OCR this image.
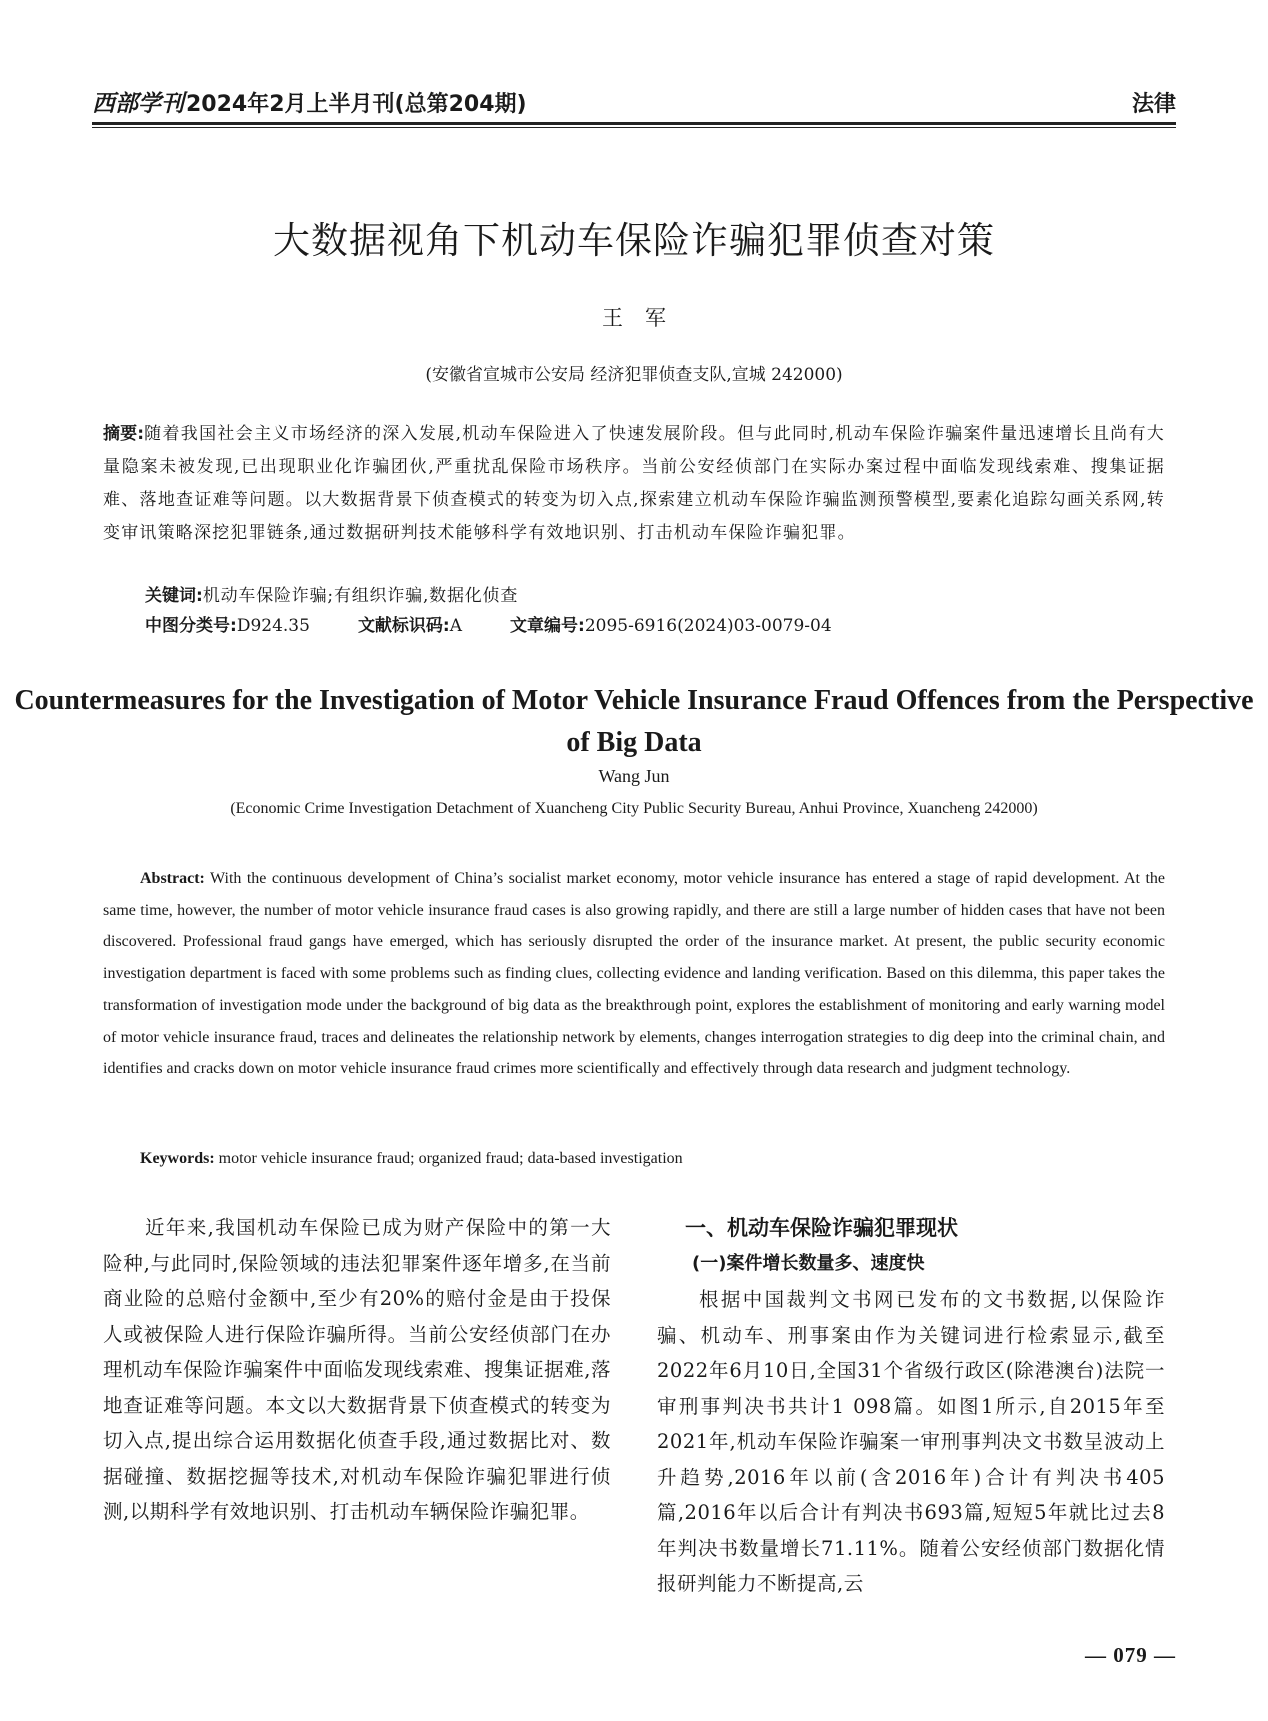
西部学刊2024年2月上半月刊(总第204期)	法律
大数据视角下机动车保险诈骗犯罪侦查对策
王军
(安徽省宣城市公安局 经济犯罪侦查支队,宣城 242000)
摘要:随着我国社会主义市场经济的深入发展,机动车保险进入了快速发展阶段。但与此同时,机动车保险诈骗案件量迅速增长且尚有大量隐案未被发现,已出现职业化诈骗团伙,严重扰乱保险市场秩序。当前公安经侦部门在实际办案过程中面临发现线索难、搜集证据难、落地查证难等问题。以大数据背景下侦查模式的转变为切入点,探索建立机动车保险诈骗监测预警模型,要素化追踪勾画关系网,转变审讯策略深挖犯罪链条,通过数据研判技术能够科学有效地识别、打击机动车保险诈骗犯罪。
关键词:机动车保险诈骗;有组织诈骗,数据化侦查
中图分类号:D924.35	文献标识码:A	文章编号:2095-6916(2024)03-0079-04
Countermeasures for the Investigation of Motor Vehicle Insurance Fraud Offences from the Perspective of Big Data
Wang Jun
(Economic Crime Investigation Detachment of Xuancheng City Public Security Bureau, Anhui Province, Xuancheng 242000)
Abstract: With the continuous development of China’s socialist market economy, motor vehicle insurance has entered a stage of rapid development. At the same time, however, the number of motor vehicle insurance fraud cases is also growing rapidly, and there are still a large number of hidden cases that have not been discovered. Professional fraud gangs have emerged, which has seriously disrupted the order of the insurance market. At present, the public security economic investigation department is faced with some problems such as finding clues, collecting evidence and landing verification. Based on this dilemma, this paper takes the transformation of investigation mode under the background of big data as the breakthrough point, explores the establishment of monitoring and early warning model of motor vehicle insurance fraud, traces and delineates the relationship network by elements, changes interrogation strategies to dig deep into the criminal chain, and identifies and cracks down on motor vehicle insurance fraud crimes more scientifically and effectively through data research and judgment technology.
Keywords: motor vehicle insurance fraud; organized fraud; data-based investigation
近年来,我国机动车保险已成为财产保险中的第一大险种,与此同时,保险领域的违法犯罪案件逐年增多,在当前商业险的总赔付金额中,至少有20%的赔付金是由于投保人或被保险人进行保险诈骗所得。当前公安经侦部门在办理机动车保险诈骗案件中面临发现线索难、搜集证据难,落地查证难等问题。本文以大数据背景下侦查模式的转变为切入点,提出综合运用数据化侦查手段,通过数据比对、数据碰撞、数据挖掘等技术,对机动车保险诈骗犯罪进行侦测,以期科学有效地识别、打击机动车辆保险诈骗犯罪。
一、机动车保险诈骗犯罪现状
(一)案件增长数量多、速度快
根据中国裁判文书网已发布的文书数据,以保险诈骗、机动车、刑事案由作为关键词进行检索显示,截至2022年6月10日,全国31个省级行政区(除港澳台)法院一审刑事判决书共计1 098篇。如图1所示,自2015年至2021年,机动车保险诈骗案一审刑事判决文书数呈波动上升趋势,2016年以前(含2016年)合计有判决书405篇,2016年以后合计有判决书693篇,短短5年就比过去8年判决书数量增长71.11%。随着公安经侦部门数据化情报研判能力不断提高,云
— 079 —
